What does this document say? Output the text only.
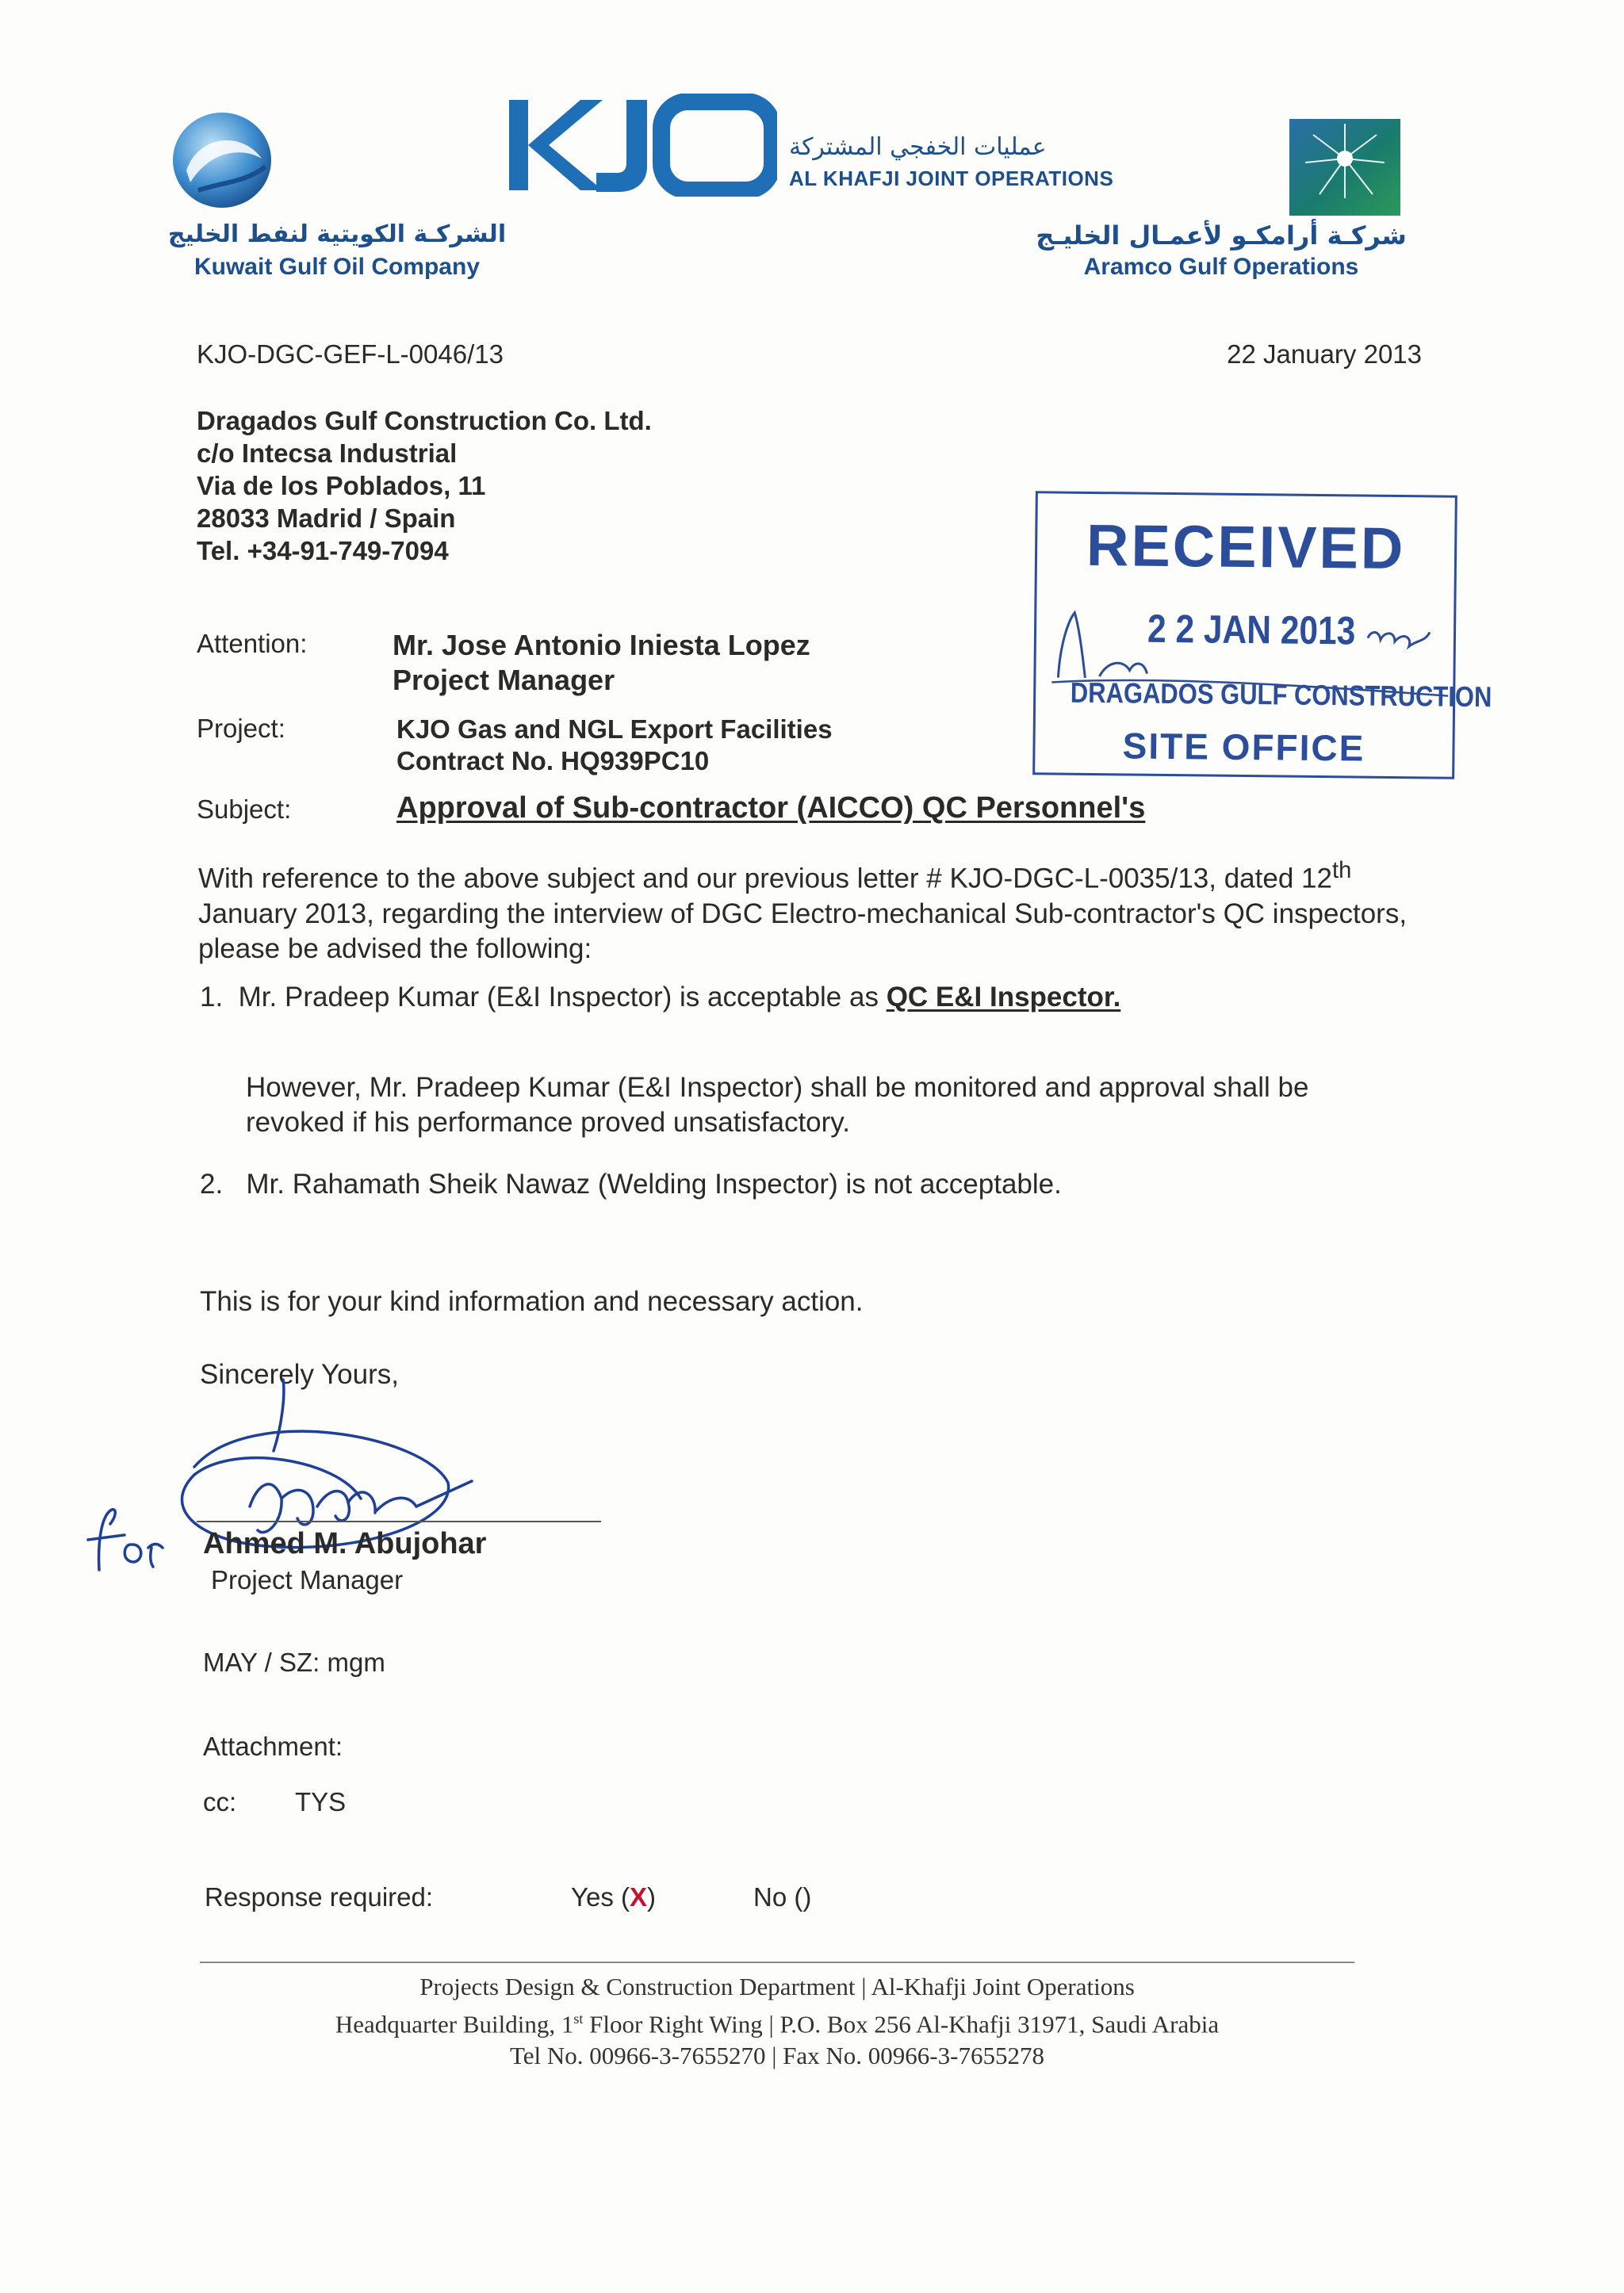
الشركـة الكويتية لنفط الخليج
Kuwait Gulf Oil Company
عمليات الخفجي المشتركة
AL KHAFJI JOINT OPERATIONS
شركـة أرامكـو لأعمـال الخليـج
Aramco Gulf Operations
KJO-DGC-GEF-L-0046/13	22 January 2013
Dragados Gulf Construction Co. Ltd.
c/o Intecsa Industrial
Via de los Poblados, 11
28033 Madrid / Spain
Tel. +34-91-749-7094	RECEIVED
2 2 JAN 2013
DRAGADOS GULF CONSTRUCTION
SITE OFFICE
Attention:	Mr. Jose Antonio Iniesta Lopez
Project Manager
Project:	KJO Gas and NGL Export Facilities
Contract No. HQ939PC10
Subject:	Approval of Sub-contractor (AICCO) QC Personnel's
With reference to the above subject and our previous letter # KJO-DGC-L-0035/13, dated 12th January 2013, regarding the interview of DGC Electro-mechanical Sub-contractor's QC inspectors, please be advised the following:
1. Mr. Pradeep Kumar (E&I Inspector) is acceptable as QC E&I Inspector.
However, Mr. Pradeep Kumar (E&I Inspector) shall be monitored and approval shall be revoked if his performance proved unsatisfactory.
2. Mr. Rahamath Sheik Nawaz (Welding Inspector) is not acceptable.
This is for your kind information and necessary action.
Sincerely Yours,
Ahmed M. Abujohar
Project Manager
MAY / SZ: mgm
Attachment:
cc: TYS
Response required:	Yes (X)	No ()
Projects Design & Construction Department | Al-Khafji Joint Operations
Headquarter Building, 1st Floor Right Wing | P.O. Box 256 Al-Khafji 31971, Saudi Arabia
Tel No. 00966-3-7655270 | Fax No. 00966-3-7655278
